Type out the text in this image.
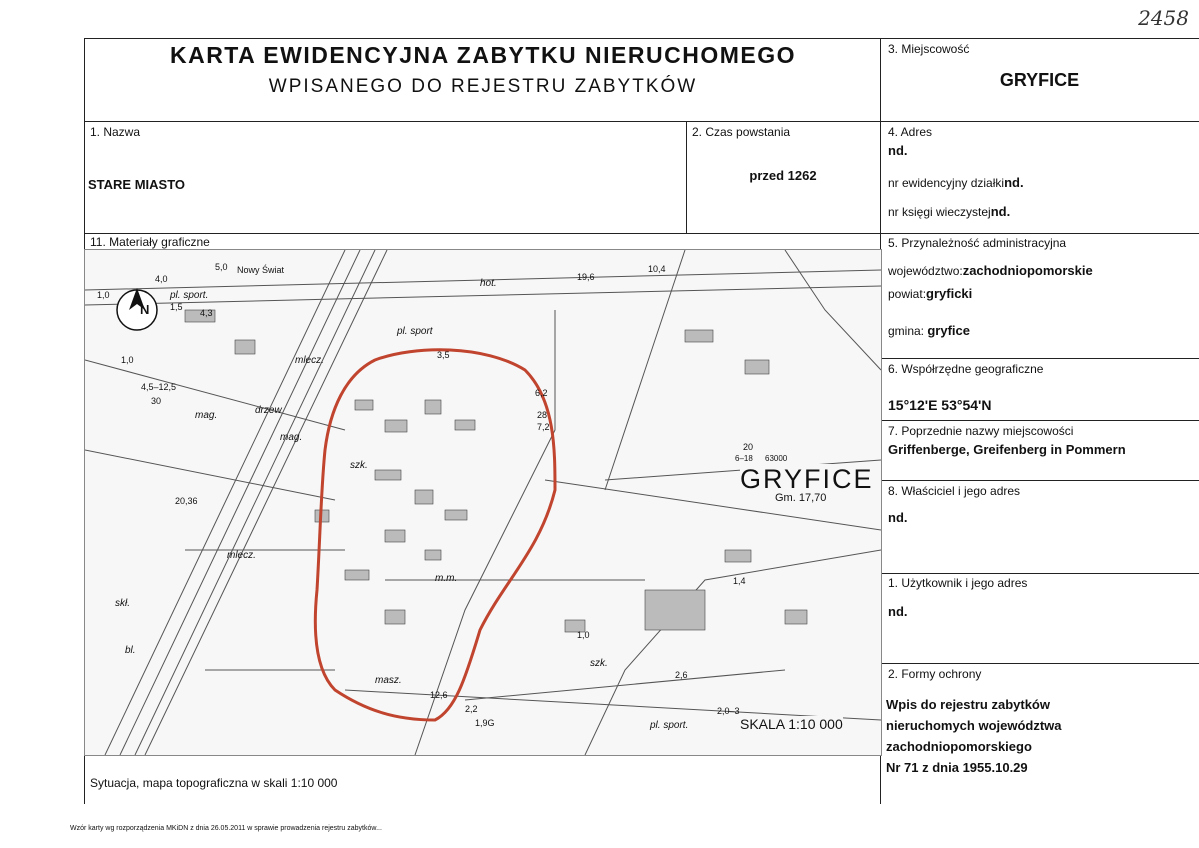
2458
KARTA EWIDENCYJNA ZABYTKU NIERUCHOMEGO
WPISANEGO DO REJESTRU ZABYTKÓW
3. Miejscowość
GRYFICE
1. Nazwa
STARE MIASTO
2. Czas powstania
przed 1262
4. Adres
nd.
nr ewidencyjny działkind.
nr księgi wieczystejnd.
11. Materiały graficzne
N
GRYFICE
Gm. 17,70
SKALA 1:10 000
pl. sport.
pl. sport
pl. sport.
mag.	drzew
mag.
szk.
mlecz.
skł.
bl.
m.m.
masz.
szk.
hot.
Nowy Świat
mlecz.
5,0
4,0
1,0
1,5
4,3
3,5
19,6
10,4
1,0
4,5–12,5
30
20,36
6,2
28
7,2
20
6–18 63000
1,4
1,0
2,6
12,6
2,2
1,9G
2,0–3
Sytuacja, mapa topograficzna w skali 1:10 000
5. Przynależność administracyjna
województwo:zachodniopomorskie
powiat:gryficki
gmina: gryfice
6. Współrzędne geograficzne
15°12'E 53°54'N
7. Poprzednie nazwy miejscowości
Griffenberge, Greifenberg in Pommern
8. Właściciel i jego adres
nd.
1. Użytkownik i jego adres
nd.
2. Formy ochrony
Wpis do rejestru zabytków
nieruchomych województwa
zachodniopomorskiego
Nr 71 z dnia 1955.10.29
Wzór karty wg rozporządzenia MKiDN z dnia 26.05.2011 w sprawie prowadzenia rejestru zabytków...
